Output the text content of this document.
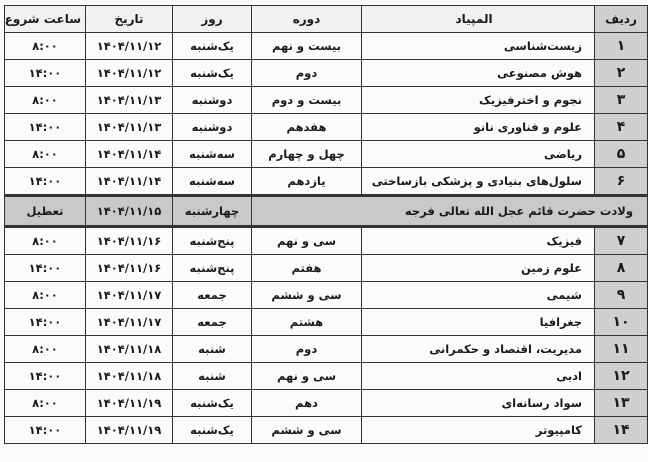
ردیف	المپیاد	دوره	روز	تاریخ	ساعت شروع
۱	زیست‌شناسی	بیست و نهم	یک‌شنبه	۱۴۰۴/۱۱/۱۲	۸:۰۰
۲	هوش مصنوعی	دوم	یک‌شنبه	۱۴۰۴/۱۱/۱۲	۱۴:۰۰
۳	نجوم و اخترفیزیک	بیست و دوم	دوشنبه	۱۴۰۴/۱۱/۱۳	۸:۰۰
۴	علوم و فناوری نانو	هفدهم	دوشنبه	۱۴۰۴/۱۱/۱۳	۱۴:۰۰
۵	ریاضی	چهل و چهارم	سه‌شنبه	۱۴۰۴/۱۱/۱۴	۸:۰۰
۶	سلول‌های بنیادی و پزشکی بازساختی	یازدهم	سه‌شنبه	۱۴۰۴/۱۱/۱۴	۱۴:۰۰
ولادت حضرت قائم عجل الله تعالی فرجه			چهارشنبه	۱۴۰۴/۱۱/۱۵	تعطیل
۷	فیزیک	سی و نهم	پنج‌شنبه	۱۴۰۴/۱۱/۱۶	۸:۰۰
۸	علوم زمین	هفتم	پنج‌شنبه	۱۴۰۴/۱۱/۱۶	۱۴:۰۰
۹	شیمی	سی و ششم	جمعه	۱۴۰۴/۱۱/۱۷	۸:۰۰
۱۰	جغرافیا	هشتم	جمعه	۱۴۰۴/۱۱/۱۷	۱۴:۰۰
۱۱	مدیریت، اقتصاد و حکمرانی	دوم	شنبه	۱۴۰۴/۱۱/۱۸	۸:۰۰
۱۲	ادبی	سی و نهم	شنبه	۱۴۰۴/۱۱/۱۸	۱۴:۰۰
۱۳	سواد رسانه‌ای	دهم	یک‌شنبه	۱۴۰۴/۱۱/۱۹	۸:۰۰
۱۴	کامپیوتر	سی و ششم	یک‌شنبه	۱۴۰۴/۱۱/۱۹	۱۴:۰۰
